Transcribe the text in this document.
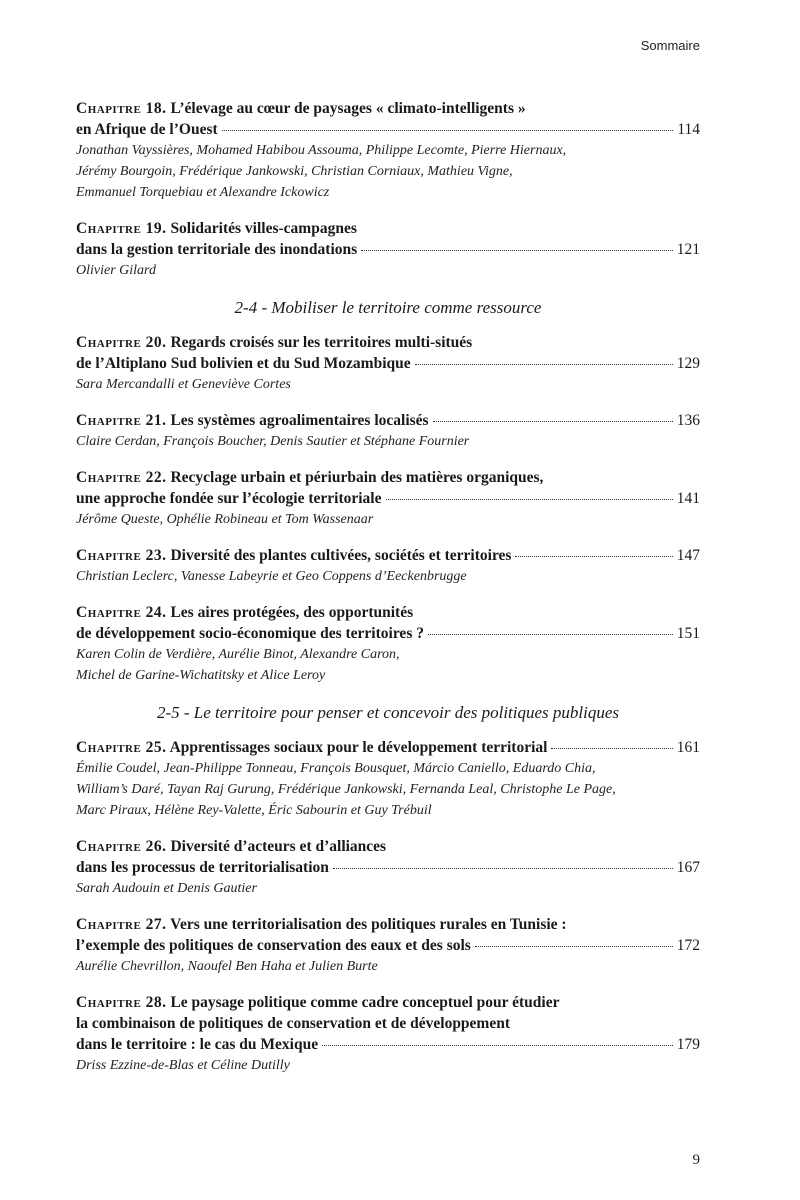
Sommaire
Chapitre 18. L’élevage au cœur de paysages « climato-intelligents »
en Afrique de l’Ouest	114
Jonathan Vayssières, Mohamed Habibou Assouma, Philippe Lecomte, Pierre Hiernaux,
Jérémy Bourgoin, Frédérique Jankowski, Christian Corniaux, Mathieu Vigne,
Emmanuel Torquebiau et Alexandre Ickowicz
Chapitre 19. Solidarités villes-campagnes
dans la gestion territoriale des inondations	121
Olivier Gilard
2-4 - Mobiliser le territoire comme ressource
Chapitre 20. Regards croisés sur les territoires multi-situés
de l’Altiplano Sud bolivien et du Sud Mozambique	129
Sara Mercandalli et Geneviève Cortes
Chapitre 21. Les systèmes agroalimentaires localisés	136
Claire Cerdan, François Boucher, Denis Sautier et Stéphane Fournier
Chapitre 22. Recyclage urbain et périurbain des matières organiques,
une approche fondée sur l’écologie territoriale	141
Jérôme Queste, Ophélie Robineau et Tom Wassenaar
Chapitre 23. Diversité des plantes cultivées, sociétés et territoires	147
Christian Leclerc, Vanesse Labeyrie et Geo Coppens d’Eeckenbrugge
Chapitre 24. Les aires protégées, des opportunités
de développement socio-économique des territoires ?	151
Karen Colin de Verdière, Aurélie Binot, Alexandre Caron,
Michel de Garine-Wichatitsky et Alice Leroy
2-5 - Le territoire pour penser et concevoir des politiques publiques
Chapitre 25. Apprentissages sociaux pour le développement territorial	161
Émilie Coudel, Jean-Philippe Tonneau, François Bousquet, Márcio Caniello, Eduardo Chia,
William’s Daré, Tayan Raj Gurung, Frédérique Jankowski, Fernanda Leal, Christophe Le Page,
Marc Piraux, Hélène Rey-Valette, Éric Sabourin et Guy Trébuil
Chapitre 26. Diversité d’acteurs et d’alliances
dans les processus de territorialisation	167
Sarah Audouin et Denis Gautier
Chapitre 27. Vers une territorialisation des politiques rurales en Tunisie :
l’exemple des politiques de conservation des eaux et des sols	172
Aurélie Chevrillon, Naoufel Ben Haha et Julien Burte
Chapitre 28. Le paysage politique comme cadre conceptuel pour étudier
la combinaison de politiques de conservation et de développement
dans le territoire : le cas du Mexique	179
Driss Ezzine-de-Blas et Céline Dutilly
9
